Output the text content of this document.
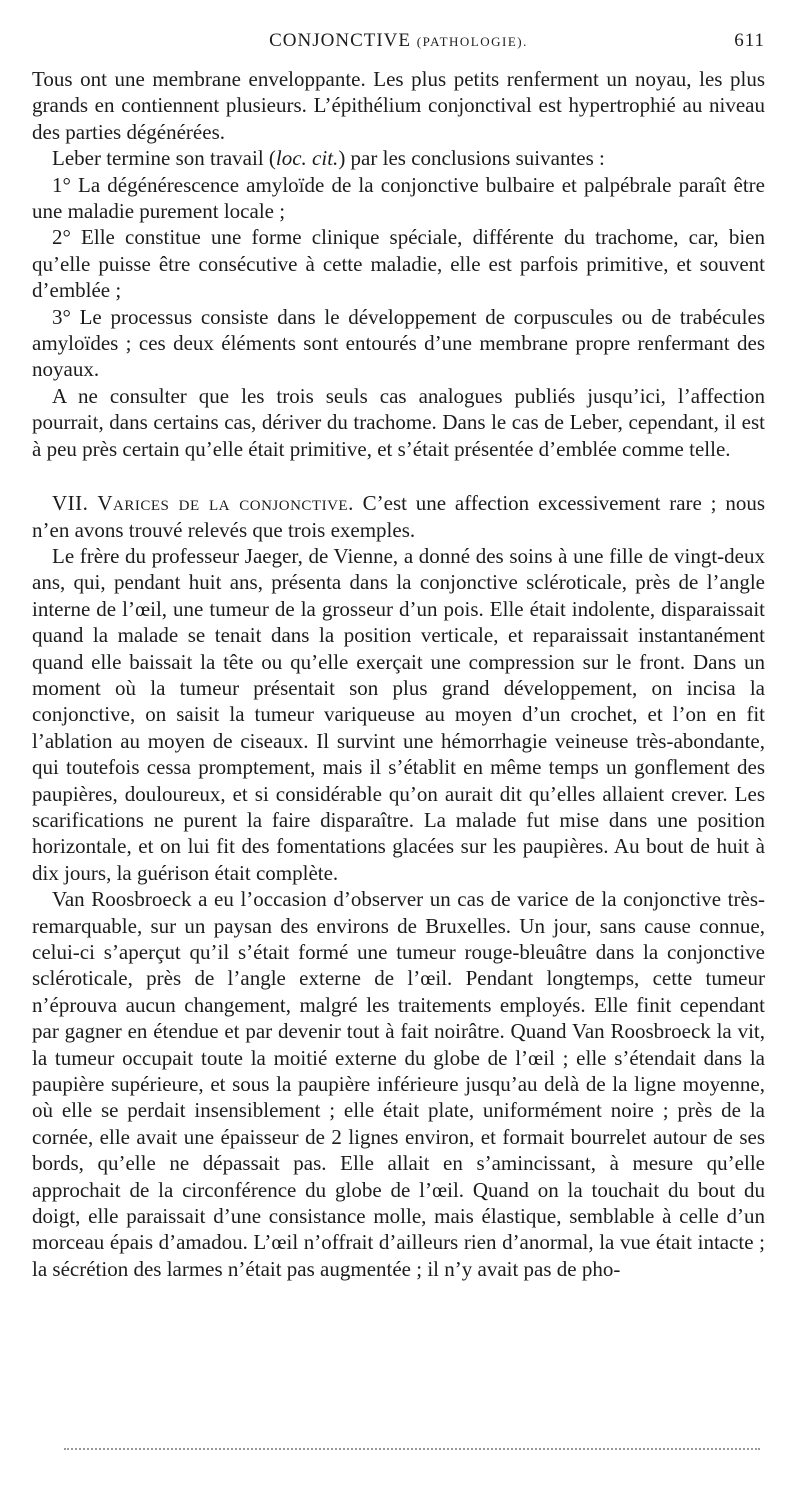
CONJONCTIVE (PATHOLOGIE).	611

Tous ont une membrane enveloppante. Les plus petits renferment un noyau, les plus grands en contiennent plusieurs. L’épithélium conjonctival est hypertrophié au niveau des parties dégénérées.

Leber termine son travail (loc. cit.) par les conclusions suivantes :

1° La dégénérescence amyloïde de la conjonctive bulbaire et palpébrale paraît être une maladie purement locale ;

2° Elle constitue une forme clinique spéciale, différente du trachome, car, bien qu’elle puisse être consécutive à cette maladie, elle est parfois primitive, et souvent d’emblée ;

3° Le processus consiste dans le développement de corpuscules ou de trabécules amyloïdes ; ces deux éléments sont entourés d’une membrane propre renfermant des noyaux.

A ne consulter que les trois seuls cas analogues publiés jusqu’ici, l’affection pourrait, dans certains cas, dériver du trachome. Dans le cas de Leber, cependant, il est à peu près certain qu’elle était primitive, et s’était présentée d’emblée comme telle.

VII. Varices de la conjonctive. C’est une affection excessivement rare ; nous n’en avons trouvé relevés que trois exemples.

Le frère du professeur Jaeger, de Vienne, a donné des soins à une fille de vingt-deux ans, qui, pendant huit ans, présenta dans la conjonctive scléroticale, près de l’angle interne de l’œil, une tumeur de la grosseur d’un pois. Elle était indolente, disparaissait quand la malade se tenait dans la position verticale, et reparaissait instantanément quand elle baissait la tête ou qu’elle exerçait une compression sur le front. Dans un moment où la tumeur présentait son plus grand développement, on incisa la conjonctive, on saisit la tumeur variqueuse au moyen d’un crochet, et l’on en fit l’ablation au moyen de ciseaux. Il survint une hémorrhagie veineuse très-abondante, qui toutefois cessa promptement, mais il s’établit en même temps un gonflement des paupières, douloureux, et si considérable qu’on aurait dit qu’elles allaient crever. Les scarifications ne purent la faire disparaître. La malade fut mise dans une position horizontale, et on lui fit des fomentations glacées sur les paupières. Au bout de huit à dix jours, la guérison était complète.

Van Roosbroeck a eu l’occasion d’observer un cas de varice de la conjonctive très-remarquable, sur un paysan des environs de Bruxelles. Un jour, sans cause connue, celui-ci s’aperçut qu’il s’était formé une tumeur rouge-bleuâtre dans la conjonctive scléroticale, près de l’angle externe de l’œil. Pendant longtemps, cette tumeur n’éprouva aucun changement, malgré les traitements employés. Elle finit cependant par gagner en étendue et par devenir tout à fait noirâtre. Quand Van Roosbroeck la vit, la tumeur occupait toute la moitié externe du globe de l’œil ; elle s’étendait dans la paupière supérieure, et sous la paupière inférieure jusqu’au delà de la ligne moyenne, où elle se perdait insensiblement ; elle était plate, uniformément noire ; près de la cornée, elle avait une épaisseur de 2 lignes environ, et formait bourrelet autour de ses bords, qu’elle ne dépassait pas. Elle allait en s’amincissant, à mesure qu’elle approchait de la circonférence du globe de l’œil. Quand on la touchait du bout du doigt, elle paraissait d’une consistance molle, mais élastique, semblable à celle d’un morceau épais d’amadou. L’œil n’offrait d’ailleurs rien d’anormal, la vue était intacte ; la sécrétion des larmes n’était pas augmentée ; il n’y avait pas de pho-
